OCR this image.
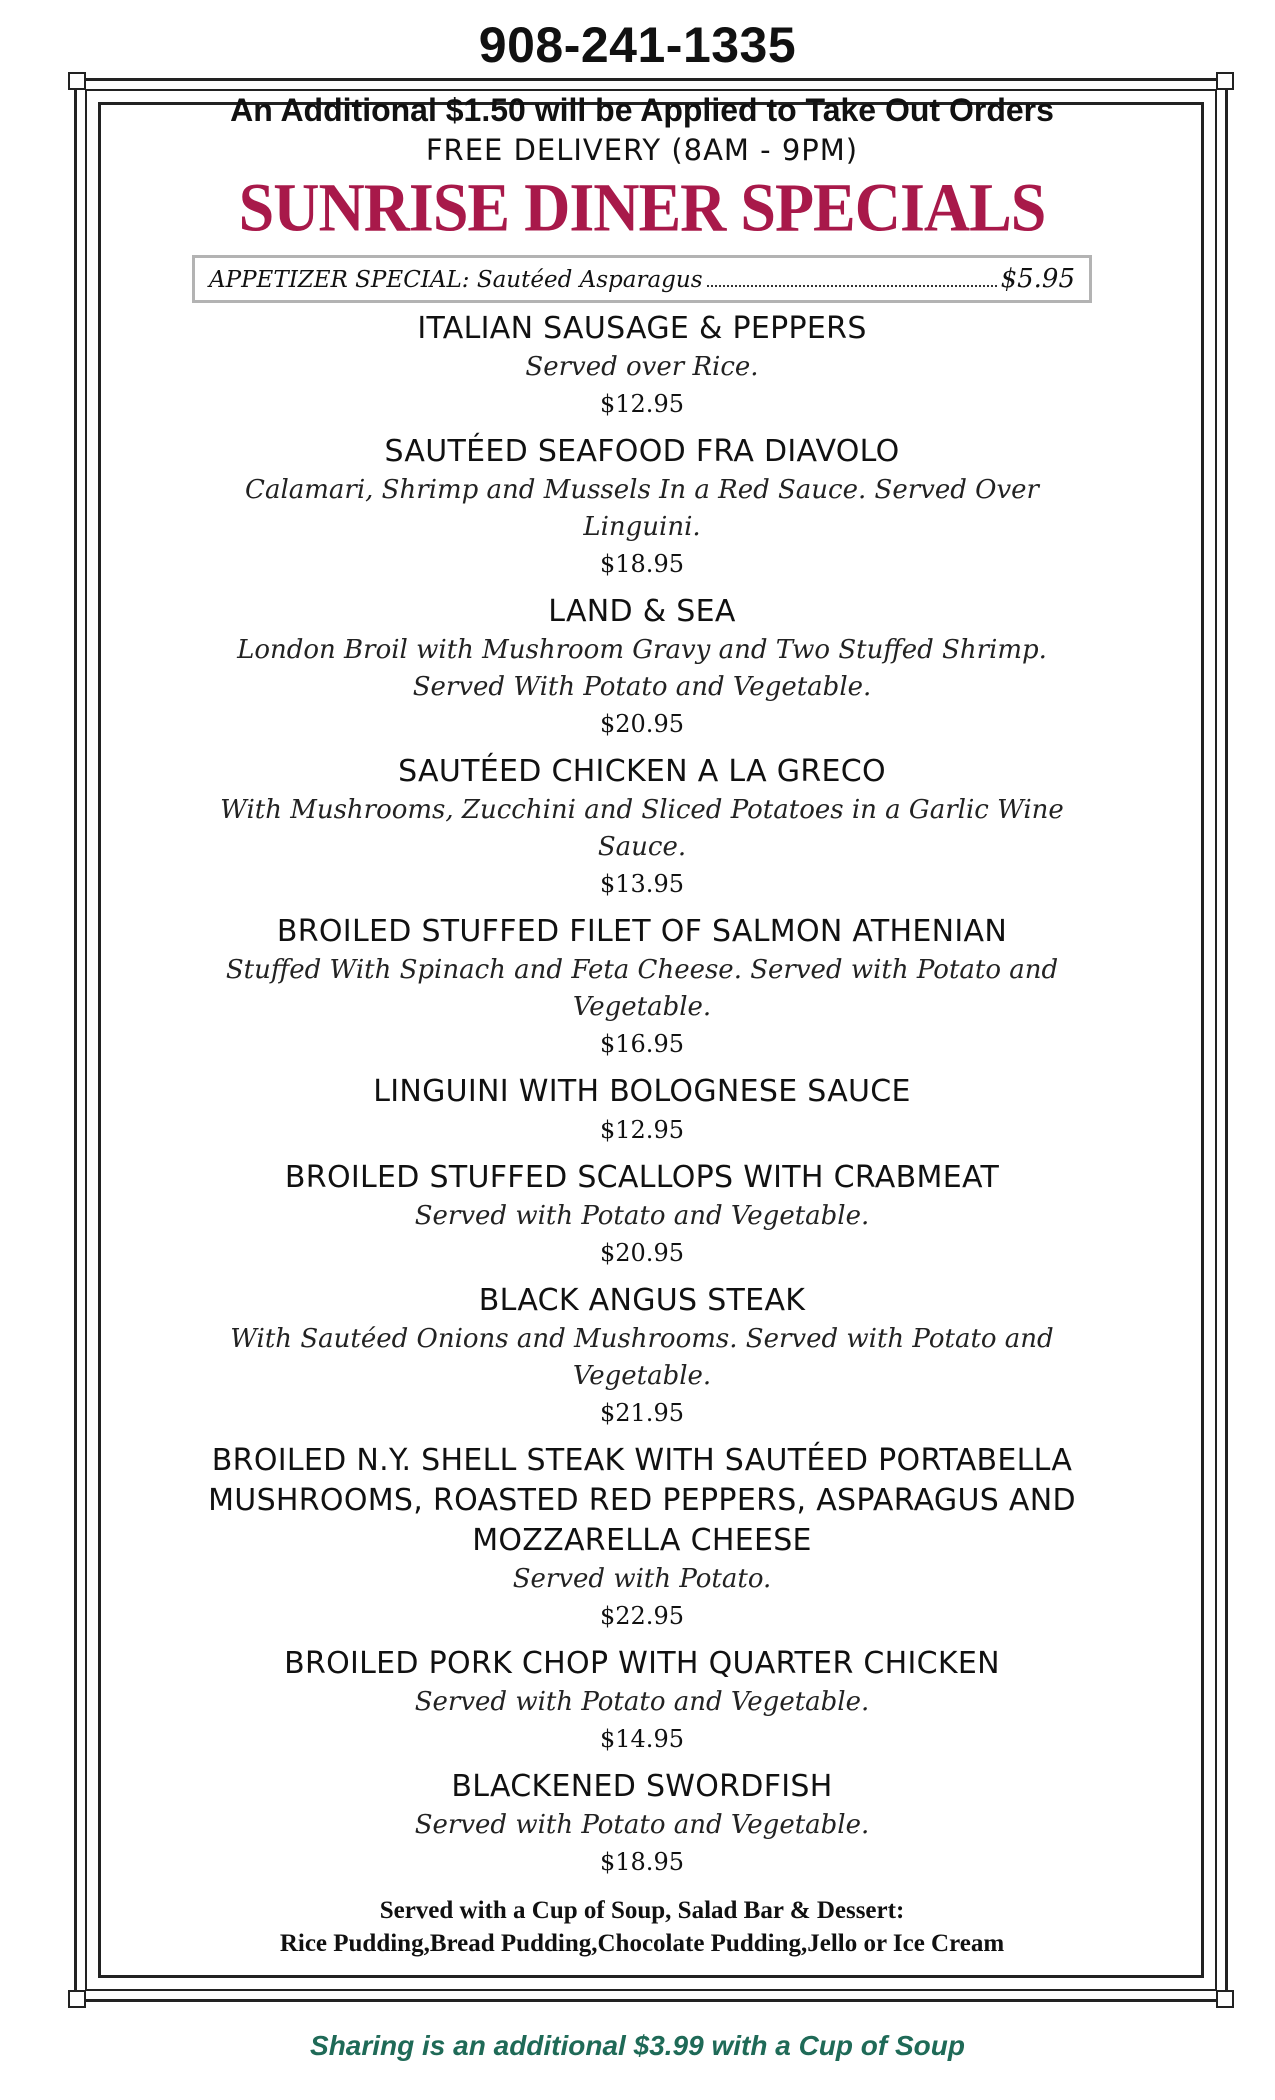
908-241-1335

An Additional $1.50 will be Applied to Take Out Orders

FREE DELIVERY (8AM - 9PM)

SUNRISE DINER SPECIALS
APPETIZER SPECIAL: Sautéed Asparagus	$5.95
ITALIAN SAUSAGE & PEPPERS
Served over Rice.
$12.95
SAUTÉED SEAFOOD FRA DIAVOLO
Calamari, Shrimp and Mussels In a Red Sauce. Served Over Linguini.
$18.95
LAND & SEA
London Broil with Mushroom Gravy and Two Stuffed Shrimp. Served With Potato and Vegetable.
$20.95
SAUTÉED CHICKEN A LA GRECO
With Mushrooms, Zucchini and Sliced Potatoes in a Garlic Wine Sauce.
$13.95
BROILED STUFFED FILET OF SALMON ATHENIAN
Stuffed With Spinach and Feta Cheese. Served with Potato and Vegetable.
$16.95
LINGUINI WITH BOLOGNESE SAUCE
$12.95
BROILED STUFFED SCALLOPS WITH CRABMEAT
Served with Potato and Vegetable.
$20.95
BLACK ANGUS STEAK
With Sautéed Onions and Mushrooms. Served with Potato and Vegetable.
$21.95
BROILED N.Y. SHELL STEAK WITH SAUTÉED PORTABELLA MUSHROOMS, ROASTED RED PEPPERS, ASPARAGUS AND MOZZARELLA CHEESE
Served with Potato.
$22.95
BROILED PORK CHOP WITH QUARTER CHICKEN
Served with Potato and Vegetable.
$14.95
BLACKENED SWORDFISH
Served with Potato and Vegetable.
$18.95
Served with a Cup of Soup, Salad Bar & Dessert:
Rice Pudding,Bread Pudding,Chocolate Pudding,Jello or Ice Cream
Sharing is an additional $3.99 with a Cup of Soup
